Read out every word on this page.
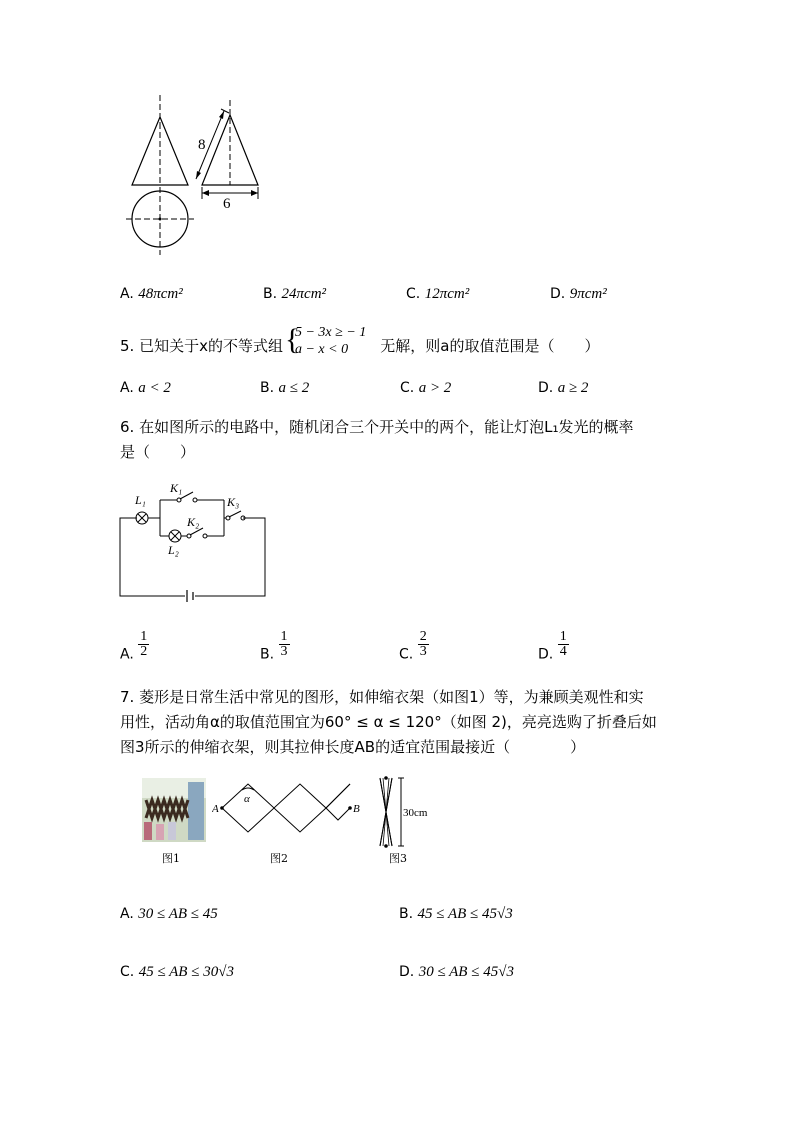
8
6
A. 48πcm²	B. 24πcm²	C. 12πcm²	D. 9πcm²
5. 已知关于x的不等式组
{ 5 − 3x ≥ − 1
a − x < 0	无解，则a的取值范围是（　　）
A. a < 2	B. a ≤ 2	C. a > 2	D. a ≥ 2
6. 在如图所示的电路中，随机闭合三个开关中的两个，能让灯泡L₁发光的概率
是（　　）
L₁
K₁
K₂
K₃
L₂
A. $\frac{1}{2}$	B. $\frac{1}{3}$	C. $\frac{2}{3}$	D. $\frac{1}{4}$
7. 菱形是日常生活中常见的图形，如伸缩衣架（如图1）等，为兼顾美观性和实
用性，活动角α的取值范围宜为60° ≤ α ≤ 120°（如图 2)，亮亮选购了折叠后如
图3所示的伸缩衣架，则其拉伸长度AB的适宜范围最接近（　　　　）
α
A	B	30cm
图1	图2	图3
A. 30 ≤ AB ≤ 45	B. 45 ≤ AB ≤ 45√3
C. 45 ≤ AB ≤ 30√3	D. 30 ≤ AB ≤ 45√3
